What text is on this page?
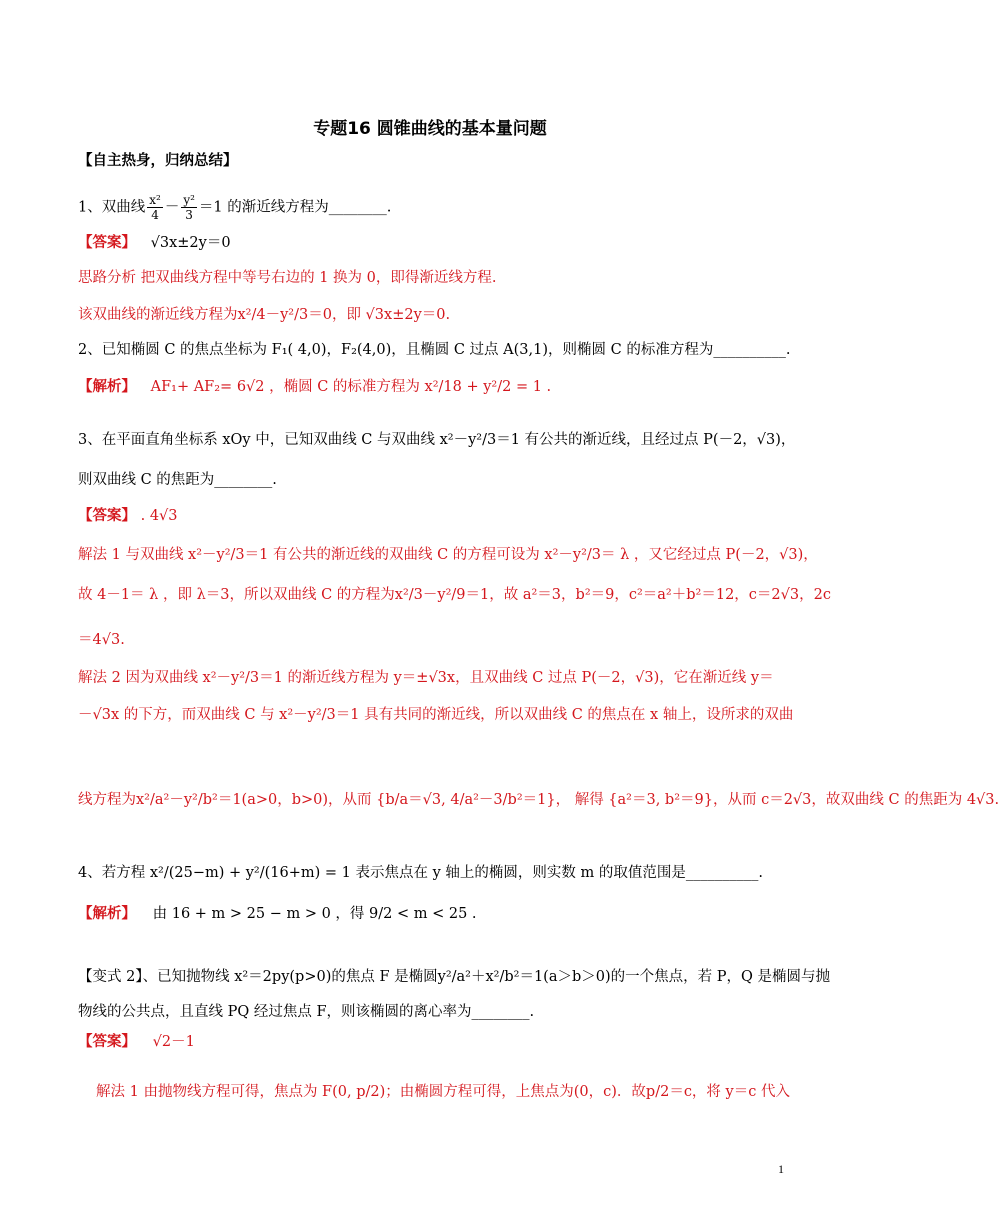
专题16 圆锥曲线的基本量问题
【自主热身，归纳总结】
1、双曲线 $\frac{\text{x²}}{4} - \frac{\text{y²}}{3} =1$ 的渐近线方程为________.
【答案】 √3x±2y＝0
思路分析 把双曲线方程中等号右边的 1 换为 0，即得渐近线方程.
该双曲线的渐近线方程为x²/4－y²/3＝0，即 √3x±2y＝0.
2、已知椭圆 C 的焦点坐标为 F₁( 4,0)，F₂(4,0)，且椭圆 C 过点 A(3,1)，则椭圆 C 的标准方程为__________.
【解析】 AF₁+ AF₂= 6√2 ，椭圆 C 的标准方程为 x²/18 + y²/2 = 1 .
3、在平面直角坐标系 xOy 中，已知双曲线 C 与双曲线 x²－y²/3＝1 有公共的渐近线，且经过点 P(－2，√3)，
则双曲线 C 的焦距为________.
【答案】 . 4√3
解法 1 与双曲线 x²－y²/3＝1 有公共的渐近线的双曲线 C 的方程可设为 x²－y²/3＝ λ ，又它经过点 P(－2，√3)，
故 4－1＝ λ ，即 λ＝3，所以双曲线 C 的方程为x²/3－y²/9＝1，故 a²＝3，b²＝9，c²＝a²＋b²＝12，c＝2√3，2c
＝4√3.
解法 2 因为双曲线 x²－y²/3＝1 的渐近线方程为 y＝±√3x，且双曲线 C 过点 P(－2，√3)，它在渐近线 y＝
－√3x 的下方，而双曲线 C 与 x²－y²/3＝1 具有共同的渐近线，所以双曲线 C 的焦点在 x 轴上，设所求的双曲
线方程为x²/a²－y²/b²＝1(a>0，b>0)，从而 {b/a＝√3, 4/a²－3/b²＝1}， 解得 {a²＝3, b²＝9}，从而 c＝2√3，故双曲线 C 的焦距为 4√3.
4、若方程 x²/(25−m) + y²/(16+m) = 1 表示焦点在 y 轴上的椭圆，则实数 m 的取值范围是__________.
【解析】 由 16 + m > 25 − m > 0 ，得 9/2 < m < 25 .
【变式 2】、已知抛物线 x²＝2py(p>0)的焦点 F 是椭圆y²/a²＋x²/b²＝1(a＞b＞0)的一个焦点，若 P，Q 是椭圆与抛
物线的公共点，且直线 PQ 经过焦点 F，则该椭圆的离心率为________.
【答案】 √2－1
解法 1 由抛物线方程可得，焦点为 F(0, p/2)；由椭圆方程可得，上焦点为(0，c)．故p/2＝c，将 y＝c 代入
1
